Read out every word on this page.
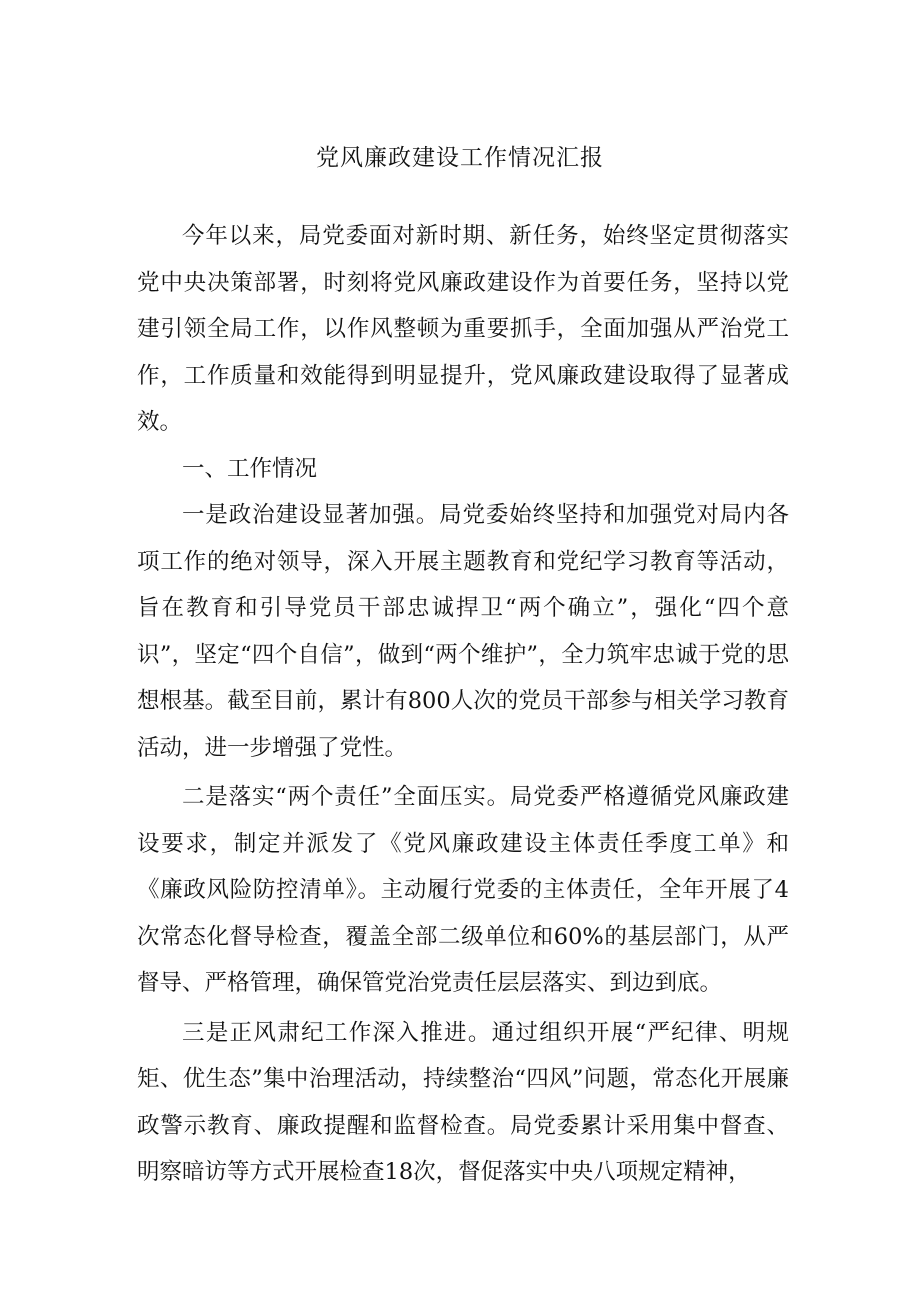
党风廉政建设工作情况汇报

今年以来，局党委面对新时期、新任务，始终坚定贯彻落实党中央决策部署，时刻将党风廉政建设作为首要任务，坚持以党建引领全局工作，以作风整顿为重要抓手，全面加强从严治党工作，工作质量和效能得到明显提升，党风廉政建设取得了显著成效。

一、工作情况

一是政治建设显著加强。局党委始终坚持和加强党对局内各项工作的绝对领导，深入开展主题教育和党纪学习教育等活动，旨在教育和引导党员干部忠诚捍卫“两个确立”，强化“四个意识”，坚定“四个自信”，做到“两个维护”，全力筑牢忠诚于党的思想根基。截至目前，累计有800人次的党员干部参与相关学习教育活动，进一步增强了党性。

二是落实“两个责任”全面压实。局党委严格遵循党风廉政建设要求，制定并派发了《党风廉政建设主体责任季度工单》和《廉政风险防控清单》。主动履行党委的主体责任，全年开展了4次常态化督导检查，覆盖全部二级单位和60%的基层部门，从严督导、严格管理，确保管党治党责任层层落实、到边到底。

三是正风肃纪工作深入推进。通过组织开展“严纪律、明规矩、优生态”集中治理活动，持续整治“四风”问题，常态化开展廉政警示教育、廉政提醒和监督检查。局党委累计采用集中督查、明察暗访等方式开展检查18次，督促落实中央八项规定精神，
